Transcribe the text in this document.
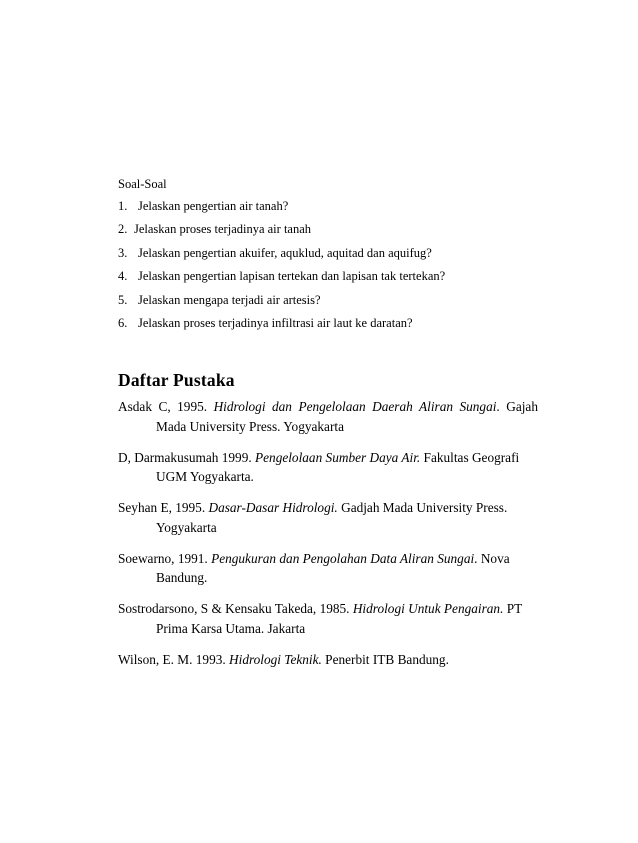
Soal-Soal
1. Jelaskan pengertian air tanah?
2. Jelaskan proses terjadinya air tanah
3. Jelaskan pengertian akuifer, aquklud, aquitad dan aquifug?
4. Jelaskan pengertian lapisan tertekan dan lapisan tak tertekan?
5. Jelaskan mengapa terjadi air artesis?
6. Jelaskan proses terjadinya infiltrasi air laut ke daratan?
Daftar Pustaka
Asdak C, 1995. Hidrologi dan Pengelolaan Daerah Aliran Sungai. Gajah Mada University Press. Yogyakarta
D, Darmakusumah 1999. Pengelolaan Sumber Daya Air. Fakultas Geografi UGM Yogyakarta.
Seyhan E, 1995. Dasar-Dasar Hidrologi. Gadjah Mada University Press. Yogyakarta
Soewarno, 1991. Pengukuran dan Pengolahan Data Aliran Sungai. Nova Bandung.
Sostrodarsono, S & Kensaku Takeda, 1985. Hidrologi Untuk Pengairan. PT Prima Karsa Utama. Jakarta
Wilson, E. M. 1993. Hidrologi Teknik. Penerbit ITB Bandung.
